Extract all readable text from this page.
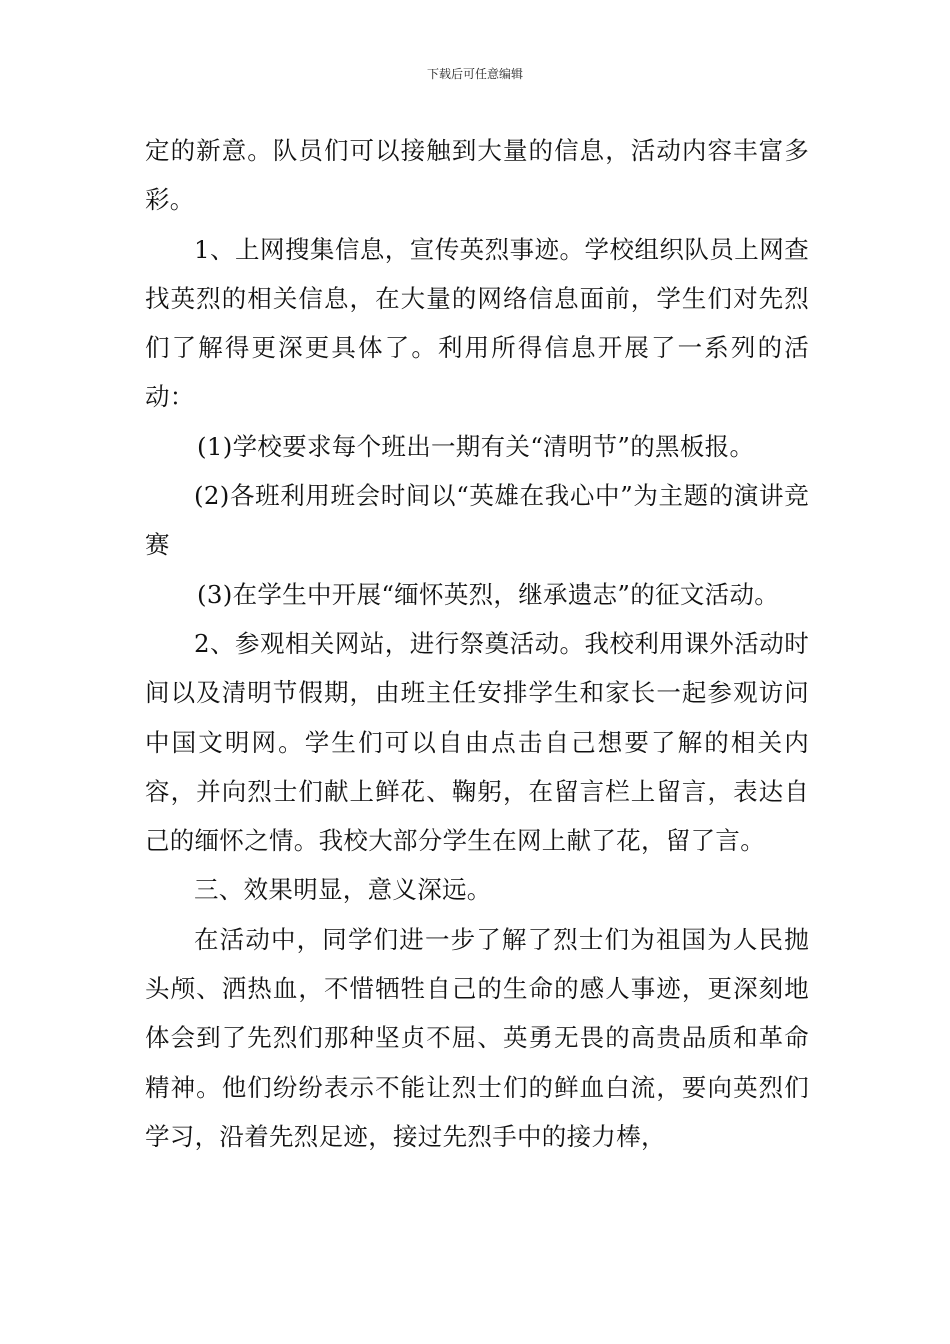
下载后可任意编辑

定的新意。队员们可以接触到大量的信息，活动内容丰富多彩。

1、上网搜集信息，宣传英烈事迹。学校组织队员上网查找英烈的相关信息，在大量的网络信息面前，学生们对先烈们了解得更深更具体了。利用所得信息开展了一系列的活动：

(1)学校要求每个班出一期有关“清明节”的黑板报。

(2)各班利用班会时间以“英雄在我心中”为主题的演讲竞赛

(3)在学生中开展“缅怀英烈，继承遗志”的征文活动。

2、参观相关网站，进行祭奠活动。我校利用课外活动时间以及清明节假期，由班主任安排学生和家长一起参观访问中国文明网。学生们可以自由点击自己想要了解的相关内容，并向烈士们献上鲜花、鞠躬，在留言栏上留言，表达自己的缅怀之情。我校大部分学生在网上献了花，留了言。

三、效果明显，意义深远。

在活动中，同学们进一步了解了烈士们为祖国为人民抛头颅、洒热血，不惜牺牲自己的生命的感人事迹，更深刻地体会到了先烈们那种坚贞不屈、英勇无畏的高贵品质和革命精神。他们纷纷表示不能让烈士们的鲜血白流，要向英烈们学习，沿着先烈足迹，接过先烈手中的接力棒，
